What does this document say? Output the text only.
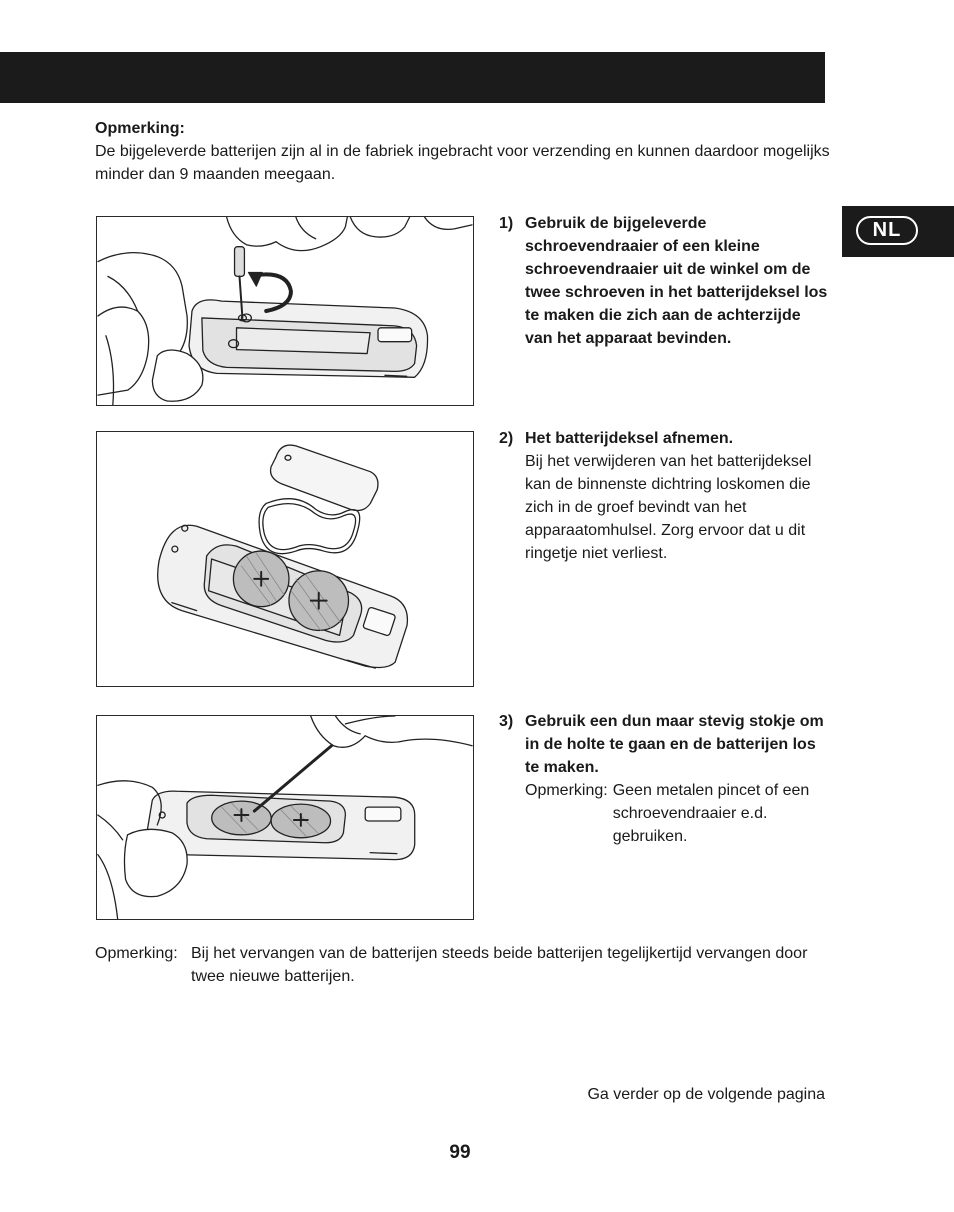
NL
Opmerking:
De bijgeleverde batterijen zijn al in de fabriek ingebracht voor verzending en kunnen daardoor mogelijks minder dan 9 maanden meegaan.
1) Gebruik de bijgeleverde schroevendraaier of een kleine schroevendraaier uit de winkel om de twee schroeven in het batterijdeksel los te maken die zich aan de achterzijde van het apparaat bevinden.
2) Het batterijdeksel afnemen.
Bij het verwijderen van het batterijdeksel kan de binnenste dichtring loskomen die zich in de groef bevindt van het apparaatomhulsel. Zorg ervoor dat u dit ringetje niet verliest.
3) Gebruik een dun maar stevig stokje om in de holte te gaan en de batterijen los te maken.
Opmerking: Geen metalen pincet of een schroevendraaier e.d. gebruiken.
Opmerking: Bij het vervangen van de batterijen steeds beide batterijen tegelijkertijd vervangen door twee nieuwe batterijen.
Ga verder op de volgende pagina
99
